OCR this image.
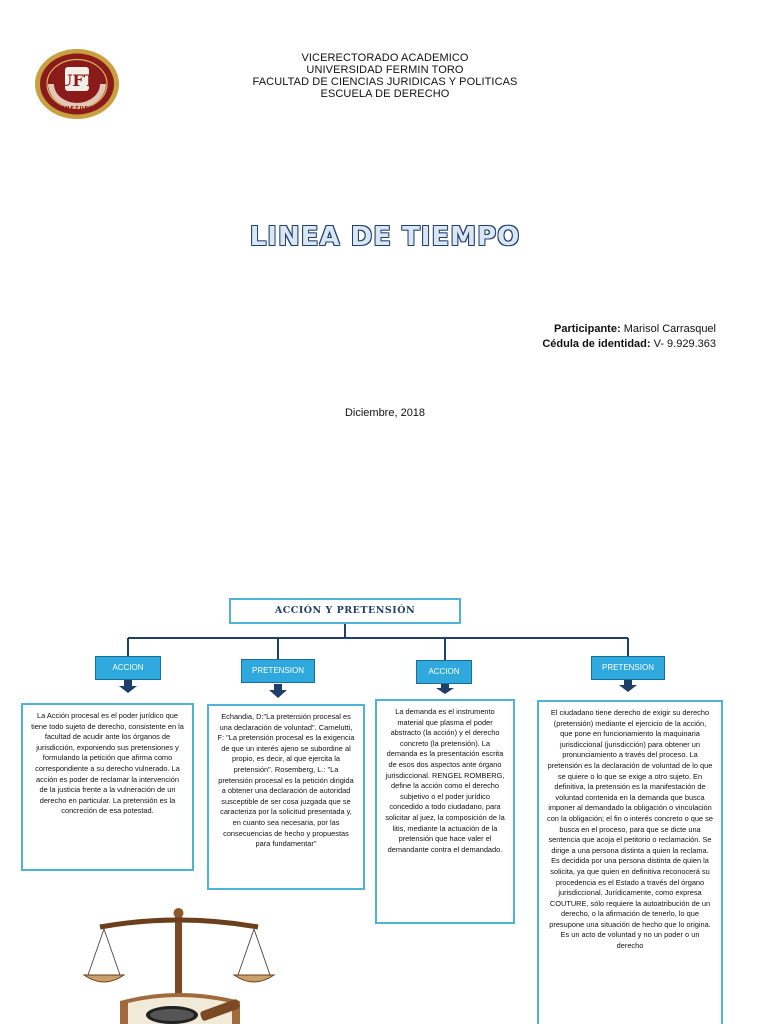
UFT
VENEZUELA
VICERECTORADO ACADEMICO
UNIVERSIDAD FERMIN TORO
FACULTAD DE CIENCIAS JURIDICAS Y POLITICAS
ESCUELA DE DERECHO
LINEA DE TIEMPO
Participante: Marisol Carrasquel
Cédula de identidad: V- 9.929.363
Diciembre, 2018
ACCIÓN Y PRETENSIÓN
ACCION	PRETENSION	ACCION	PRETENSION

La Acción procesal es el poder jurídico que tiene todo sujeto de derecho, consistente en la facultad de acudir ante los órganos de jurisdicción, exponiendo sus pretensiones y formulando la petición que afirma como correspondiente a su derecho vulnerado. La acción es poder de reclamar la intervención de la justicia frente a la vulneración de un derecho en particular. La pretensión es la concreción de esa potestad.

Echandia, D:"La pretensión procesal es una declaración de voluntad". Carnelutti, F: "La pretensión procesal es la exigencia de que un interés ajeno se subordine al propio, es decir, al que ejercita la pretensión". Rosemberg, L.: "La pretensión procesal es la petición dirigida a obtener una declaración de autoridad susceptible de ser cosa juzgada que se caracteriza por la solicitud presentada y, en cuanto sea necesaria, por las consecuencias de hecho y propuestas para fundamentar"

La demanda es el instrumento material que plasma el poder abstracto (la acción) y el derecho concreto (la pretensión). La demanda es la presentación escrita de esos dos aspectos ante órgano jurisdiccional. RENGEL ROMBERG, define la acción como el derecho subjetivo o el poder jurídico concedido a todo ciudadano, para solicitar al juez, la composición de la litis, mediante la actuación de la pretensión que hace valer el demandante contra el demandado.

El ciudadano tiene derecho de exigir su derecho (pretensión) mediante el ejercicio de la acción, que pone en funcionamiento la maquinaria jurisdiccional (jurisdicción) para obtener un pronunciamiento a través del proceso. La pretensión es la declaración de voluntad de lo que se quiere o lo que se exige a otro sujeto. En definitiva, la pretensión es la manifestación de voluntad contenida en la demanda que busca imponer al demandado la obligación o vinculación con la obligación; el fin o interés concreto o que se busca en el proceso, para que se dicte una sentencia que acoja el petitorio o reclamación. Se dirige a una persona distinta a quien la reclama. Es decidida por una persona distinta de quien la solicita, ya que quien en definitiva reconocerá su procedencia es el Estado a través del órgano jurisdiccional. Jurídicamente, como expresa COUTURE, sólo requiere la autoatribución de un derecho, o la afirmación de tenerlo, lo que presupone una situación de hecho que lo origina. Es un acto de voluntad y no un poder o un derecho
